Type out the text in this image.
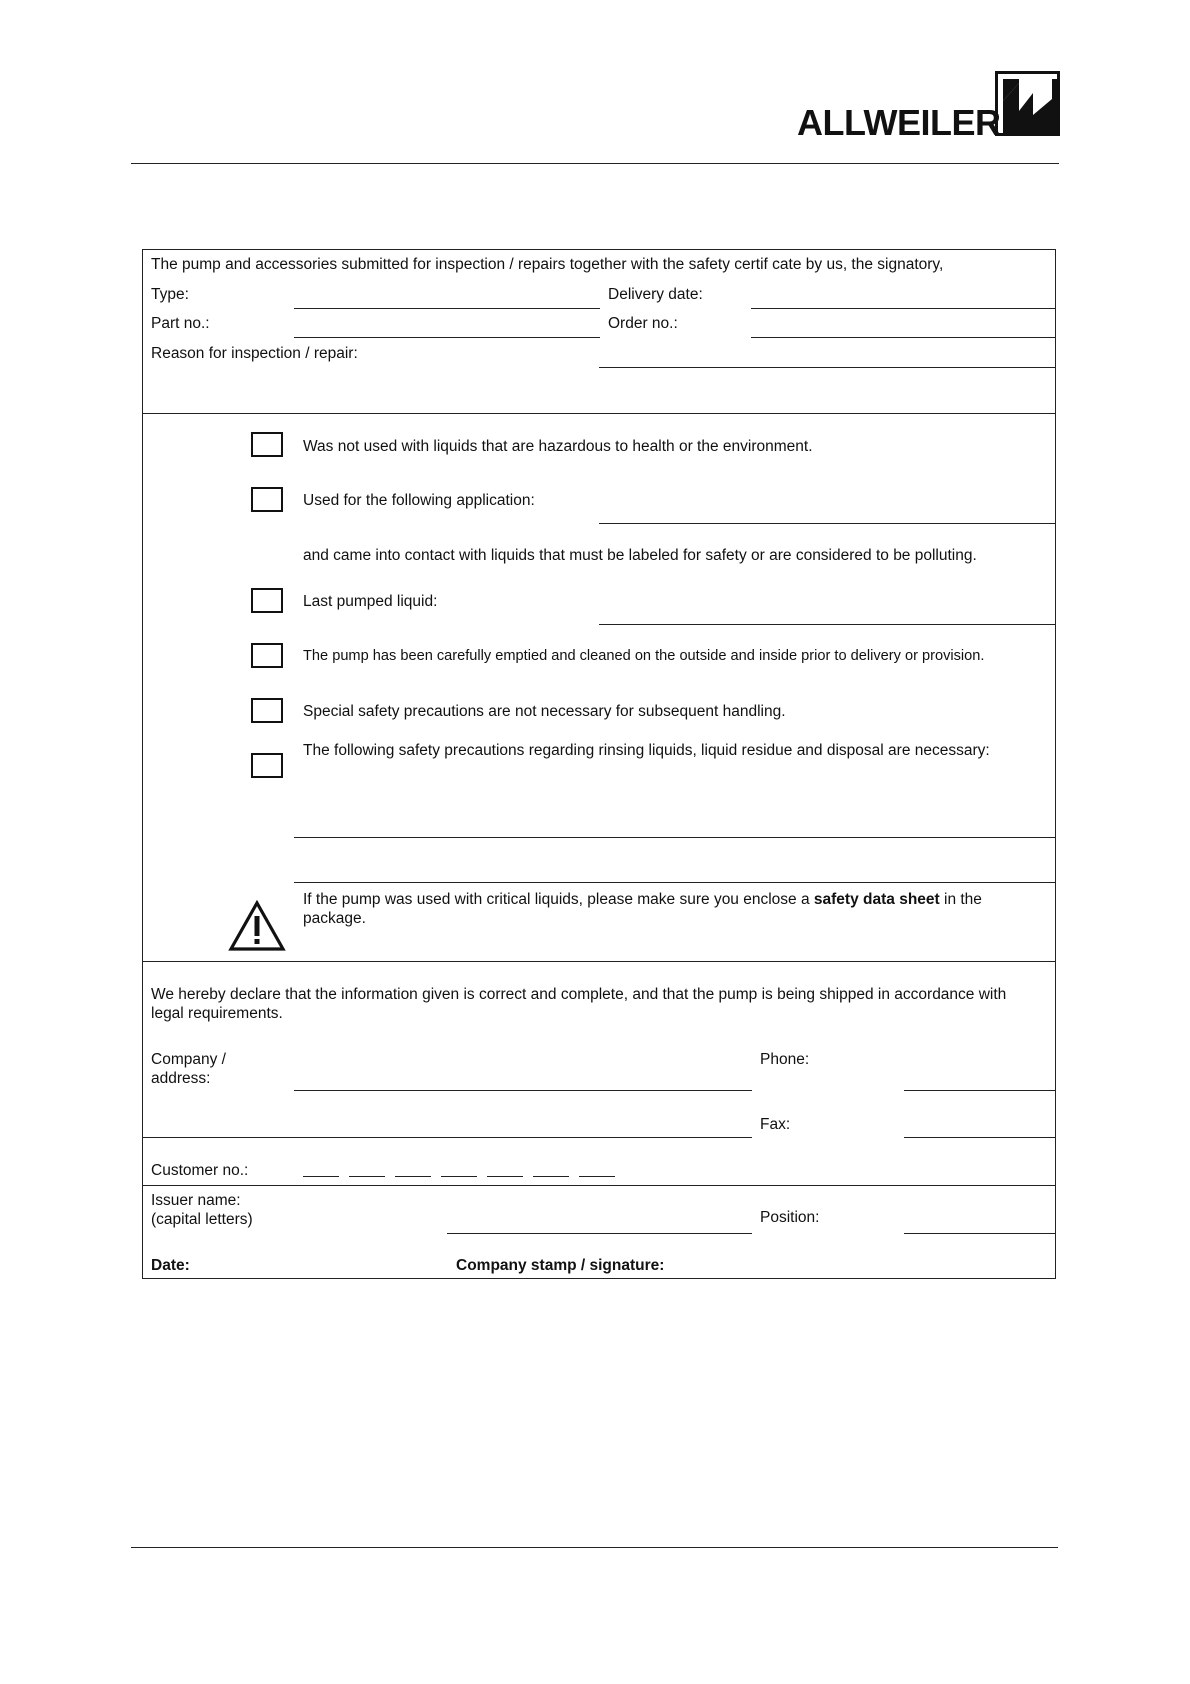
ALLWEILER
The pump and accessories submitted for inspection / repairs together with the safety certif cate by us, the signatory,
Type:	Delivery date:
Part no.:	Order no.:
Reason for inspection / repair:
Was not used with liquids that are hazardous to health or the environment.
Used for the following application:
and came into contact with liquids that must be labeled for safety or are considered to be polluting.
Last pumped liquid:
The pump has been carefully emptied and cleaned on the outside and inside prior to delivery or provision.
Special safety precautions are not necessary for subsequent handling.
The following safety precautions regarding rinsing liquids, liquid residue and disposal are necessary:
If the pump was used with critical liquids, please make sure you enclose a safety data sheet in the
package.
We hereby declare that the information given is correct and complete, and that the pump is being shipped in accordance with
legal requirements.
Company /
address:
Phone:
Fax:
Customer no.:
Issuer name:
(capital letters)	Position:
Date:	Company stamp / signature:
